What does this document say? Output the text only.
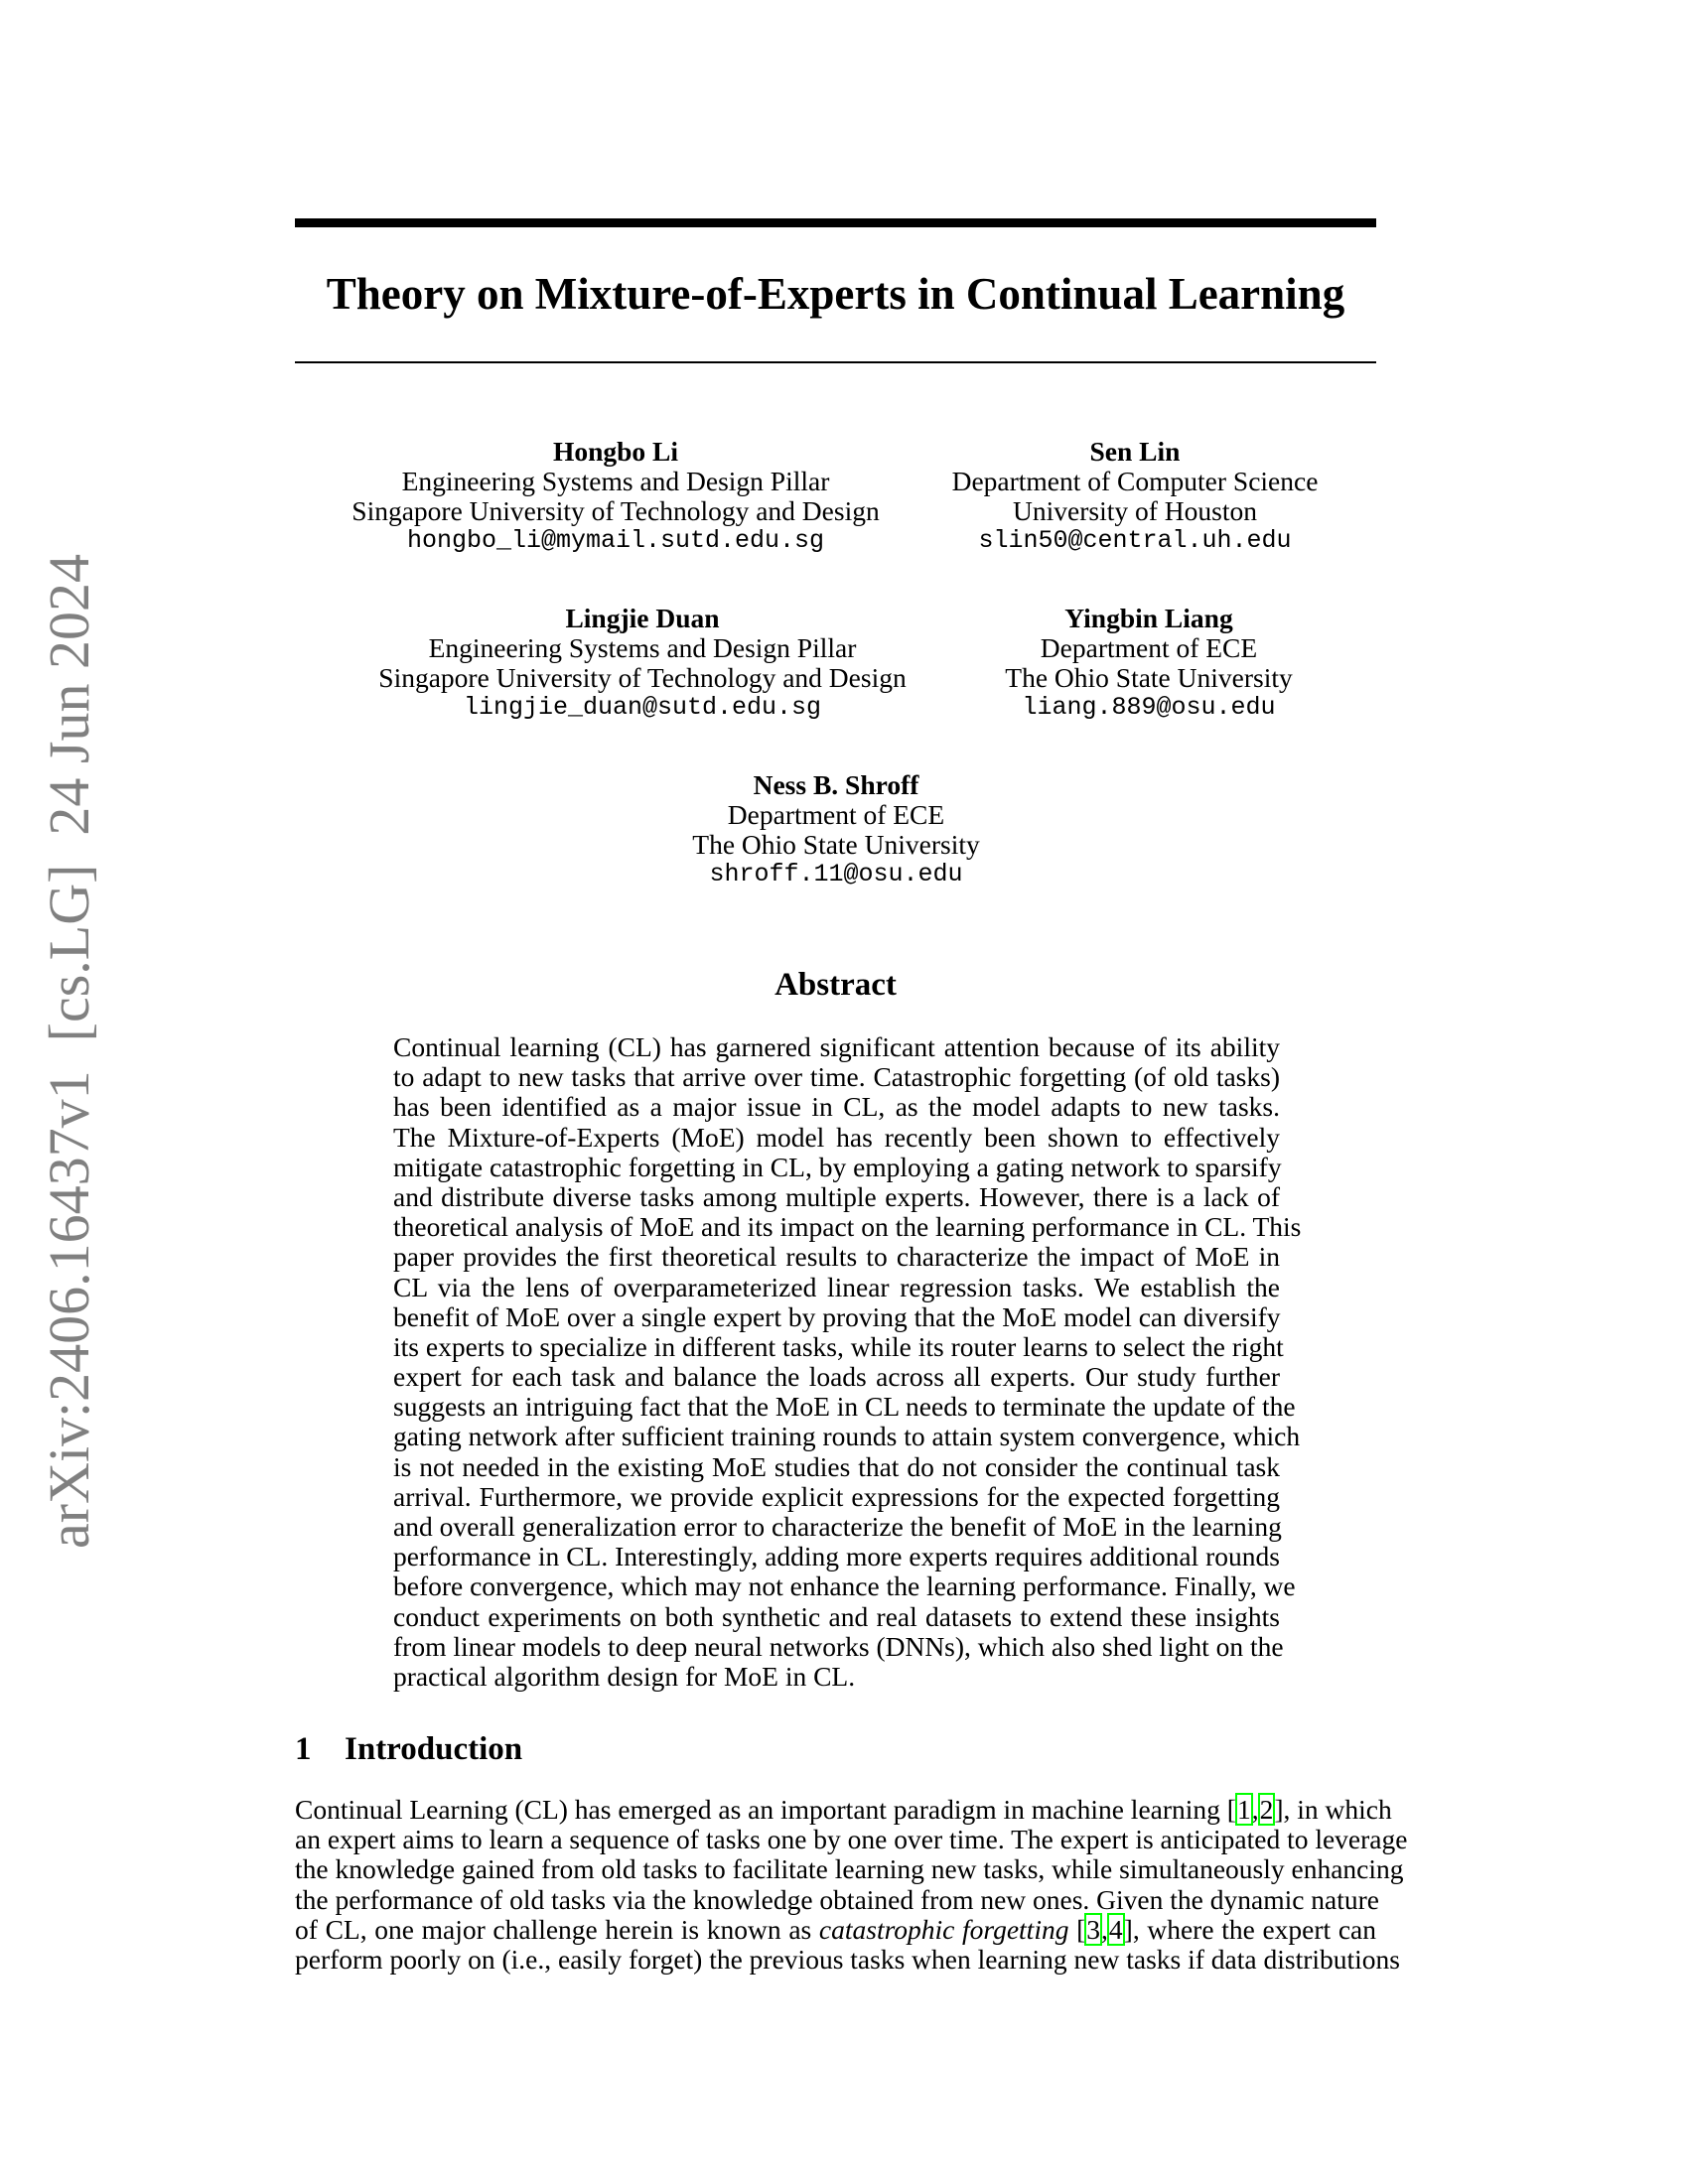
arXiv:2406.16437v1  [cs.LG]  24 Jun 2024
Theory on Mixture-of-Experts in Continual Learning
Hongbo Li
Engineering Systems and Design Pillar
Singapore University of Technology and Design
hongbo_li@mymail.sutd.edu.sg
Sen Lin
Department of Computer Science
University of Houston
slin50@central.uh.edu
Lingjie Duan
Engineering Systems and Design Pillar
Singapore University of Technology and Design
lingjie_duan@sutd.edu.sg
Yingbin Liang
Department of ECE
The Ohio State University
liang.889@osu.edu
Ness B. Shroff
Department of ECE
The Ohio State University
shroff.11@osu.edu
Abstract
Continual learning (CL) has garnered significant attention because of its ability
to adapt to new tasks that arrive over time. Catastrophic forgetting (of old tasks)
has been identified as a major issue in CL, as the model adapts to new tasks.
The Mixture-of-Experts (MoE) model has recently been shown to effectively
mitigate catastrophic forgetting in CL, by employing a gating network to sparsify
and distribute diverse tasks among multiple experts. However, there is a lack of
theoretical analysis of MoE and its impact on the learning performance in CL. This
paper provides the first theoretical results to characterize the impact of MoE in
CL via the lens of overparameterized linear regression tasks. We establish the
benefit of MoE over a single expert by proving that the MoE model can diversify
its experts to specialize in different tasks, while its router learns to select the right
expert for each task and balance the loads across all experts. Our study further
suggests an intriguing fact that the MoE in CL needs to terminate the update of the
gating network after sufficient training rounds to attain system convergence, which
is not needed in the existing MoE studies that do not consider the continual task
arrival. Furthermore, we provide explicit expressions for the expected forgetting
and overall generalization error to characterize the benefit of MoE in the learning
performance in CL. Interestingly, adding more experts requires additional rounds
before convergence, which may not enhance the learning performance. Finally, we
conduct experiments on both synthetic and real datasets to extend these insights
from linear models to deep neural networks (DNNs), which also shed light on the
practical algorithm design for MoE in CL.
1 Introduction
Continual Learning (CL) has emerged as an important paradigm in machine learning [1,2], in which
an expert aims to learn a sequence of tasks one by one over time. The expert is anticipated to leverage
the knowledge gained from old tasks to facilitate learning new tasks, while simultaneously enhancing
the performance of old tasks via the knowledge obtained from new ones. Given the dynamic nature
of CL, one major challenge herein is known as catastrophic forgetting [3,4], where the expert can
perform poorly on (i.e., easily forget) the previous tasks when learning new tasks if data distributions
